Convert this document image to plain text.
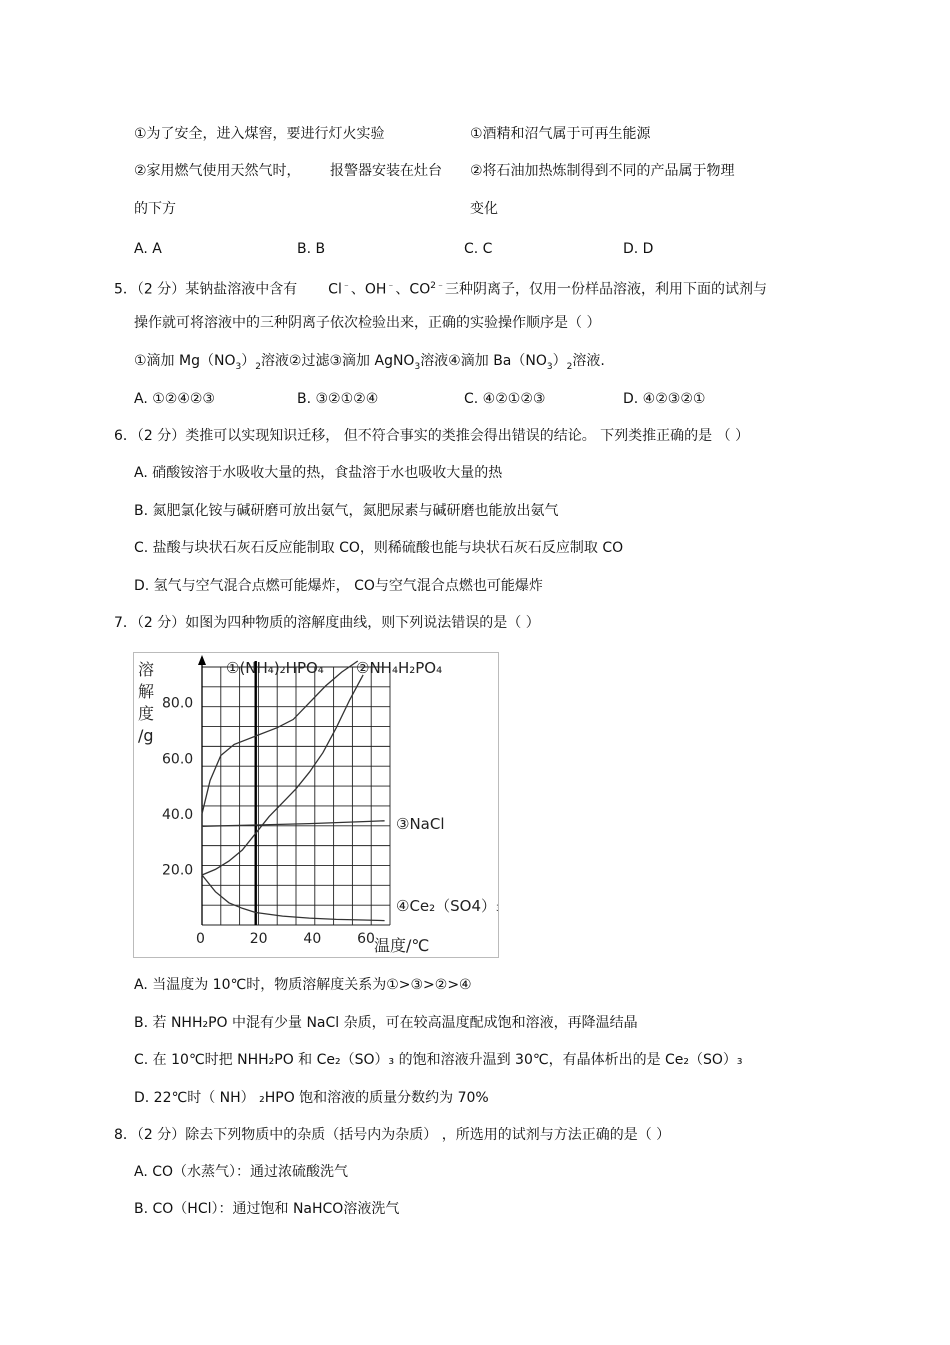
①为了安全，进入煤窖，要进行灯火实验	①酒精和沼气属于可再生能源
②家用燃气使用天然气时， 报警器安装在灶台 ②将石油加热炼制得到不同的产品属于物理
的下方	变化
A. A	B. B	C. C	D. D
5．（2 分）某钠盐溶液中含有 Cl﹣、OH﹣、$CO^{2﹣}$三种阴离子，仅用一份样品溶液，利用下面的试剂与
操作就可将溶液中的三种阴离子依次检验出来，正确的实验操作顺序是（ ）
①滴加 $Mg(NO_3)_2$溶液②过滤③滴加 AgNO$_3$溶液④滴加 $Ba(NO_3)_2$溶液.
A. ①②④②③	B. ③②①②④	C. ④②①②③	D. ④②③②①
6．（2 分）类推可以实现知识迁移， 但不符合事实的类推会得出错误的结论。 下列类推正确的是 （ ）
A. 硝酸铵溶于水吸收大量的热，食盐溶于水也吸收大量的热
B. 氮肥氯化铵与碱研磨可放出氨气，氮肥尿素与碱研磨也能放出氨气
C. 盐酸与块状石灰石反应能制取 CO，则稀硫酸也能与块状石灰石反应制取 CO
D. 氢气与空气混合点燃可能爆炸， CO与空气混合点燃也可能爆炸
7．（2 分）如图为四种物质的溶解度曲线，则下列说法错误的是（ ）
①(NH₄)₂HPO₄ ②NH₄H₂PO₄
③NaCl
④Ce₂（SO4）₃
20.0
40.0
60.0
80.0
0	20	40	60
溶
解
度
/g
温度/℃
A. 当温度为 10℃时，物质溶解度关系为①>③>②>④
B. 若 NHH₂PO 中混有少量 NaCl 杂质，可在较高温度配成饱和溶液，再降温结晶
C. 在 10℃时把 NHH₂PO 和 Ce₂（SO）₃ 的饱和溶液升温到 30℃，有晶体析出的是 Ce₂（SO）₃
D. 22℃时（ NH） ₂HPO 饱和溶液的质量分数约为 70%
8．（2 分）除去下列物质中的杂质（括号内为杂质） ，所选用的试剂与方法正确的是（ ）
A. CO（水蒸气）：通过浓硫酸洗气
B. CO（HCl）：通过饱和 NaHCO溶液洗气
